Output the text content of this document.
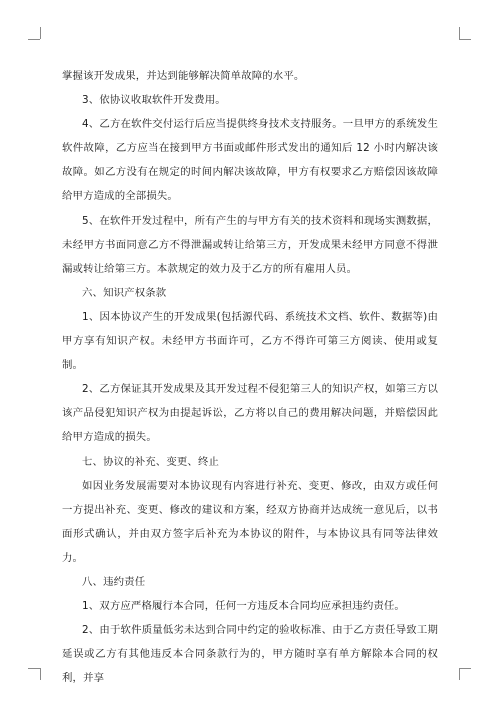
掌握该开发成果，并达到能够解决简单故障的水平。

3、依协议收取软件开发费用。

4、乙方在软件交付运行后应当提供终身技术支持服务。一旦甲方的系统发生软件故障，乙方应当在接到甲方书面或邮件形式发出的通知后 12 小时内解决该故障。如乙方没有在规定的时间内解决该故障，甲方有权要求乙方赔偿因该故障给甲方造成的全部损失。

5、在软件开发过程中，所有产生的与甲方有关的技术资料和现场实测数据，未经甲方书面同意乙方不得泄漏或转让给第三方，开发成果未经甲方同意不得泄漏或转让给第三方。本款规定的效力及于乙方的所有雇用人员。

六、知识产权条款

1、因本协议产生的开发成果(包括源代码、系统技术文档、软件、数据等)由甲方享有知识产权。未经甲方书面许可，乙方不得许可第三方阅读、使用或复制。

2、乙方保证其开发成果及其开发过程不侵犯第三人的知识产权，如第三方以该产品侵犯知识产权为由提起诉讼，乙方将以自己的费用解决问题，并赔偿因此给甲方造成的损失。

七、协议的补充、变更、终止

如因业务发展需要对本协议现有内容进行补充、变更、修改，由双方或任何一方提出补充、变更、修改的建议和方案，经双方协商并达成统一意见后，以书面形式确认，并由双方签字后补充为本协议的附件，与本协议具有同等法律效力。

八、违约责任

1、双方应严格履行本合同，任何一方违反本合同均应承担违约责任。

2、由于软件质量低劣未达到合同中约定的验收标准、由于乙方责任导致工期延误或乙方有其他违反本合同条款行为的，甲方随时享有单方解除本合同的权利，并享
